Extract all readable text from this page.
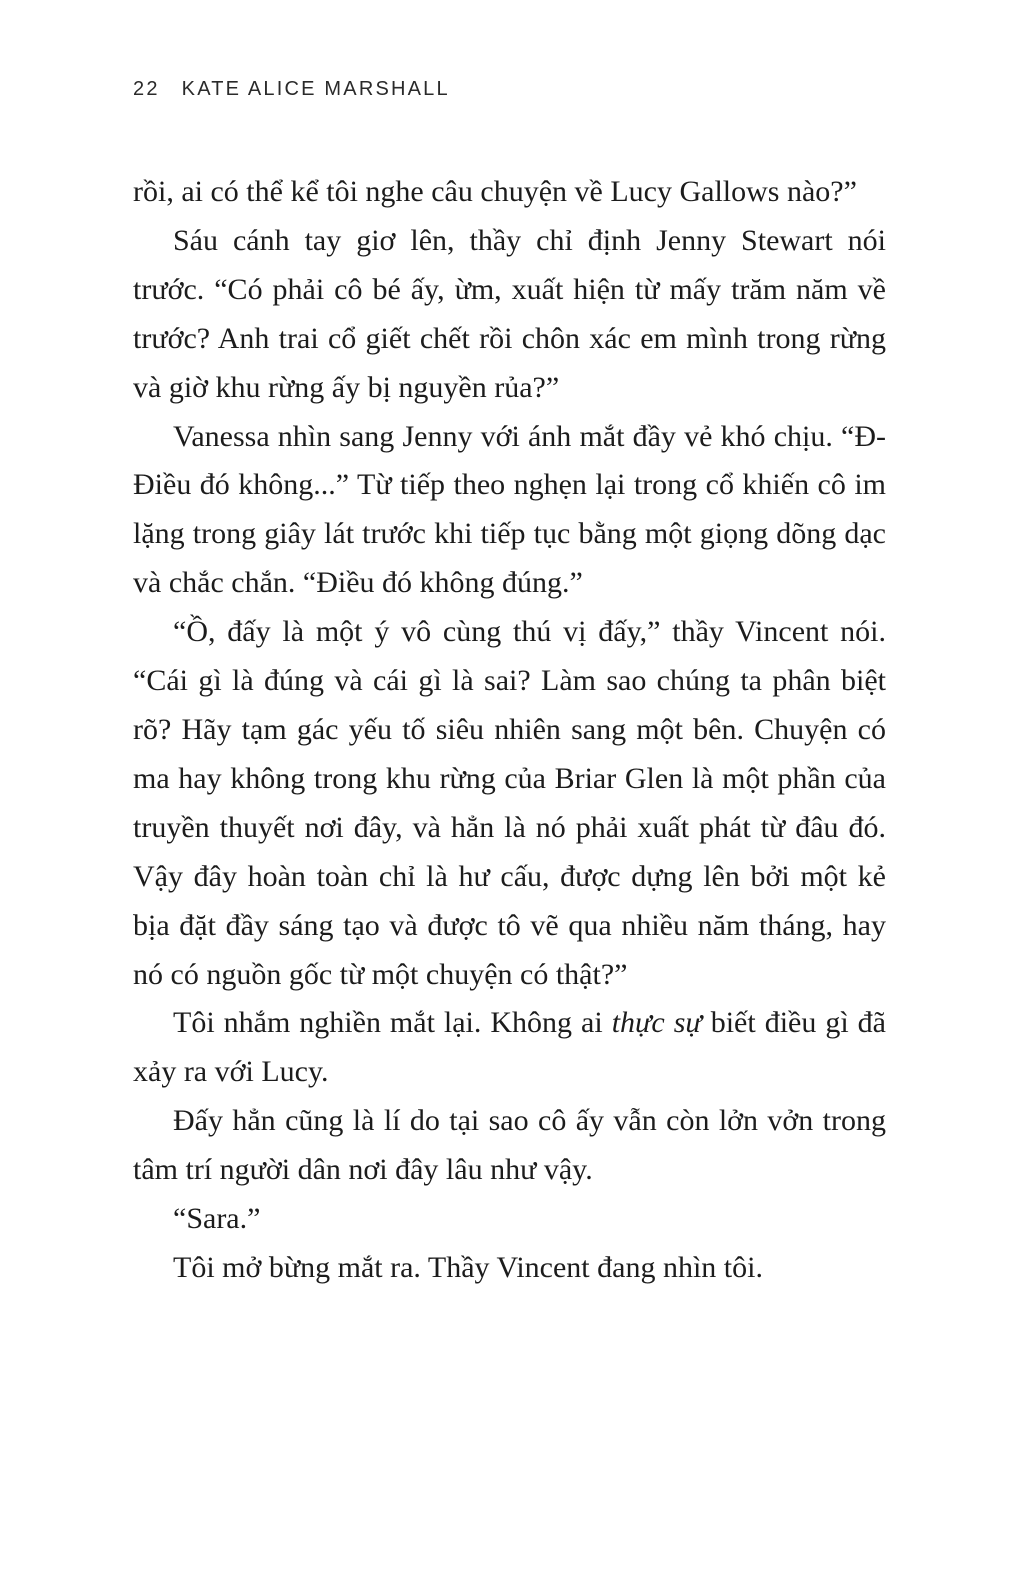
22 KATE ALICE MARSHALL

rồi, ai có thể kể tôi nghe câu chuyện về Lucy Gallows nào?”

Sáu cánh tay giơ lên, thầy chỉ định Jenny Stewart nói trước. “Có phải cô bé ấy, ừm, xuất hiện từ mấy trăm năm về trước? Anh trai cổ giết chết rồi chôn xác em mình trong rừng và giờ khu rừng ấy bị nguyền rủa?”

Vanessa nhìn sang Jenny với ánh mắt đầy vẻ khó chịu. “Đ-Điều đó không...” Từ tiếp theo nghẹn lại trong cổ khiến cô im lặng trong giây lát trước khi tiếp tục bằng một giọng dõng dạc và chắc chắn. “Điều đó không đúng.”

“Ồ, đấy là một ý vô cùng thú vị đấy,” thầy Vincent nói. “Cái gì là đúng và cái gì là sai? Làm sao chúng ta phân biệt rõ? Hãy tạm gác yếu tố siêu nhiên sang một bên. Chuyện có ma hay không trong khu rừng của Briar Glen là một phần của truyền thuyết nơi đây, và hẳn là nó phải xuất phát từ đâu đó. Vậy đây hoàn toàn chỉ là hư cấu, được dựng lên bởi một kẻ bịa đặt đầy sáng tạo và được tô vẽ qua nhiều năm tháng, hay nó có nguồn gốc từ một chuyện có thật?”

Tôi nhắm nghiền mắt lại. Không ai thực sự biết điều gì đã xảy ra với Lucy.

Đấy hẳn cũng là lí do tại sao cô ấy vẫn còn lởn vởn trong tâm trí người dân nơi đây lâu như vậy.

“Sara.”

Tôi mở bừng mắt ra. Thầy Vincent đang nhìn tôi.
